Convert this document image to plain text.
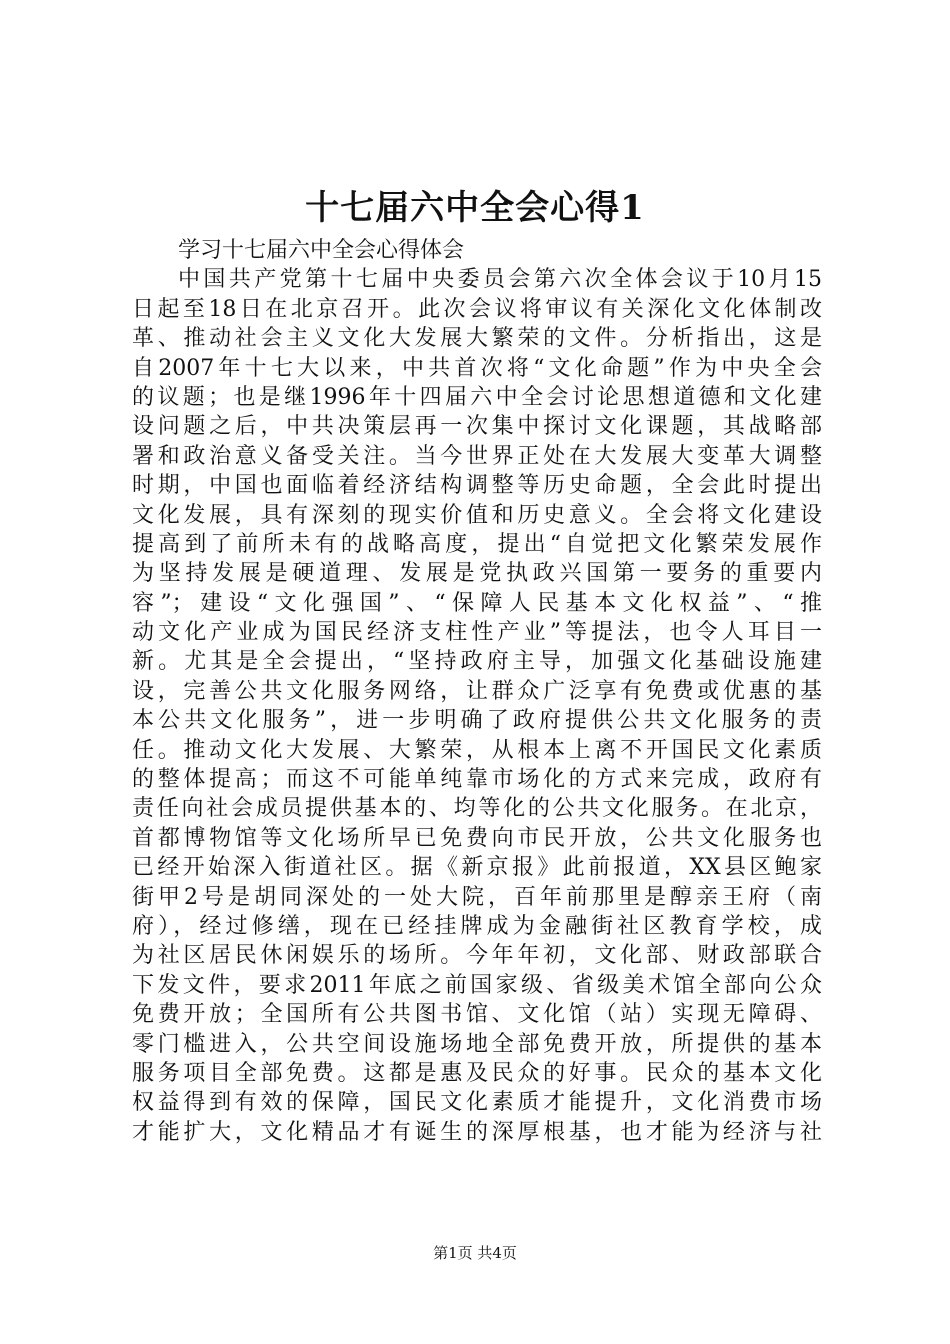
十七届六中全会心得1
学习十七届六中全会心得体会
中国共产党第十七届中央委员会第六次全体会议于10月15
日起至18日在北京召开。此次会议将审议有关深化文化体制改
革、推动社会主义文化大发展大繁荣的文件。分析指出，这是
自2007年十七大以来，中共首次将“文化命题”作为中央全会
的议题；也是继1996年十四届六中全会讨论思想道德和文化建
设问题之后，中共决策层再一次集中探讨文化课题，其战略部
署和政治意义备受关注。当今世界正处在大发展大变革大调整
时期，中国也面临着经济结构调整等历史命题，全会此时提出
文化发展，具有深刻的现实价值和历史意义。全会将文化建设
提高到了前所未有的战略高度，提出“自觉把文化繁荣发展作
为坚持发展是硬道理、发展是党执政兴国第一要务的重要内
容”；建设“文化强国”、“保障人民基本文化权益”、“推
动文化产业成为国民经济支柱性产业”等提法，也令人耳目一
新。尤其是全会提出，“坚持政府主导，加强文化基础设施建
设，完善公共文化服务网络，让群众广泛享有免费或优惠的基
本公共文化服务”，进一步明确了政府提供公共文化服务的责
任。推动文化大发展、大繁荣，从根本上离不开国民文化素质
的整体提高；而这不可能单纯靠市场化的方式来完成，政府有
责任向社会成员提供基本的、均等化的公共文化服务。在北京，
首都博物馆等文化场所早已免费向市民开放，公共文化服务也
已经开始深入街道社区。据《新京报》此前报道，XX县区鲍家
街甲2号是胡同深处的一处大院，百年前那里是醇亲王府（南
府），经过修缮，现在已经挂牌成为金融街社区教育学校，成
为社区居民休闲娱乐的场所。今年年初，文化部、财政部联合
下发文件，要求2011年底之前国家级、省级美术馆全部向公众
免费开放；全国所有公共图书馆、文化馆（站）实现无障碍、
零门槛进入，公共空间设施场地全部免费开放，所提供的基本
服务项目全部免费。这都是惠及民众的好事。民众的基本文化
权益得到有效的保障，国民文化素质才能提升，文化消费市场
才能扩大，文化精品才有诞生的深厚根基，也才能为经济与社
第1页 共4页
